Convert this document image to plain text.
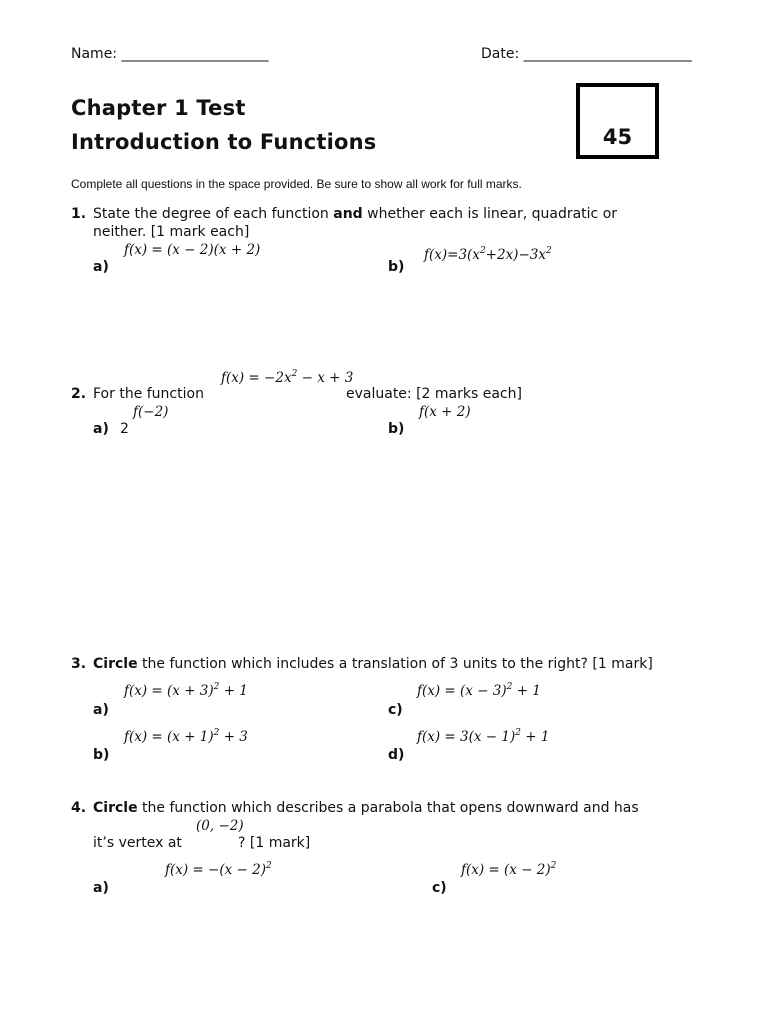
Name: _____________________	Date: ________________________
Chapter 1 Test
Introduction to Functions	45
Complete all questions in the space provided. Be sure to show all work for full marks.
1. State the degree of each function and whether each is linear, quadratic or
neither. [1 mark each]
f(x) = (x − 2)(x + 2)
a)
$f(x)=3(x^2+2x)-3x^2$
b)
$f(x) = -2x^2 - x + 3$
2. For the function	evaluate: [2 marks each]
f(−2)
a) 2
f(x + 2)
b)
3. Circle the function which includes a translation of 3 units to the right? [1 mark]
$f(x) = (x + 3)^2 + 1$
a)
$f(x) = (x - 3)^2 + 1$
c)
$f(x) = (x + 1)^2 + 3$
b)
$f(x) = 3(x - 1)^2 + 1$
d)
4. Circle the function which describes a parabola that opens downward and has
(0, −2)
it’s vertex at	? [1 mark]
$f(x) = -(x - 2)^2$
a)
$f(x) = (x - 2)^2$
c)
